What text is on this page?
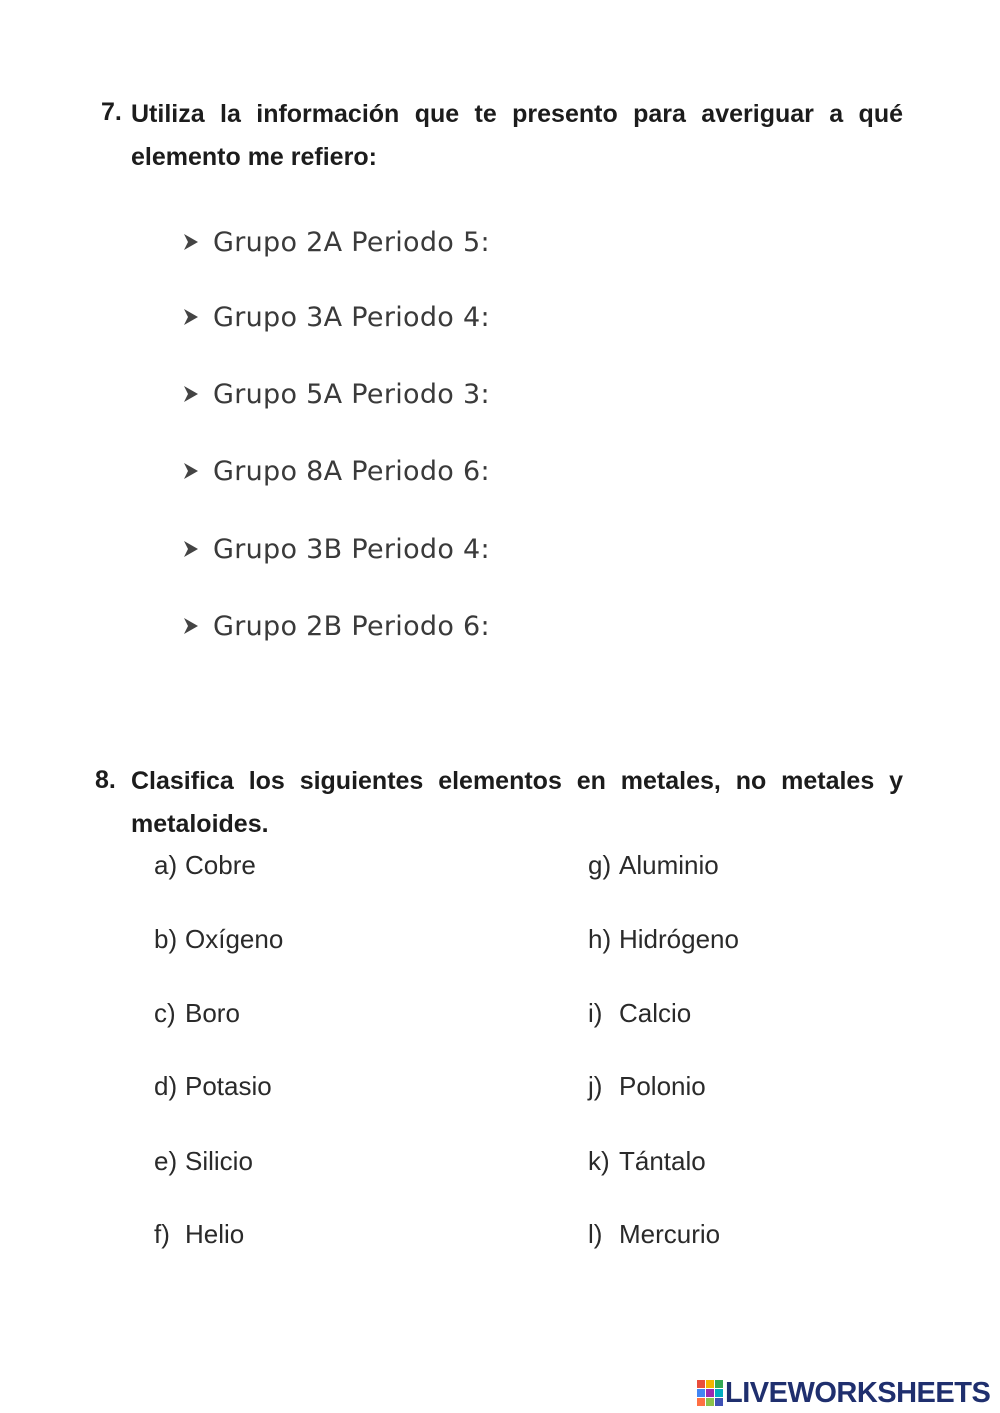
7. Utiliza la información que te presento para averiguar a qué elemento me refiero:
Grupo 2A Periodo 5:
Grupo 3A Periodo 4:
Grupo 5A Periodo 3:
Grupo 8A Periodo 6:
Grupo 3B Periodo 4:
Grupo 2B Periodo 6:
8. Clasifica los siguientes elementos en metales, no metales y metaloides.
a) Cobre
b) Oxígeno
c) Boro
d) Potasio
e) Silicio
f) Helio
g) Aluminio
h) Hidrógeno
i) Calcio
j) Polonio
k) Tántalo
l) Mercurio
LIVEWORKSHEETS
